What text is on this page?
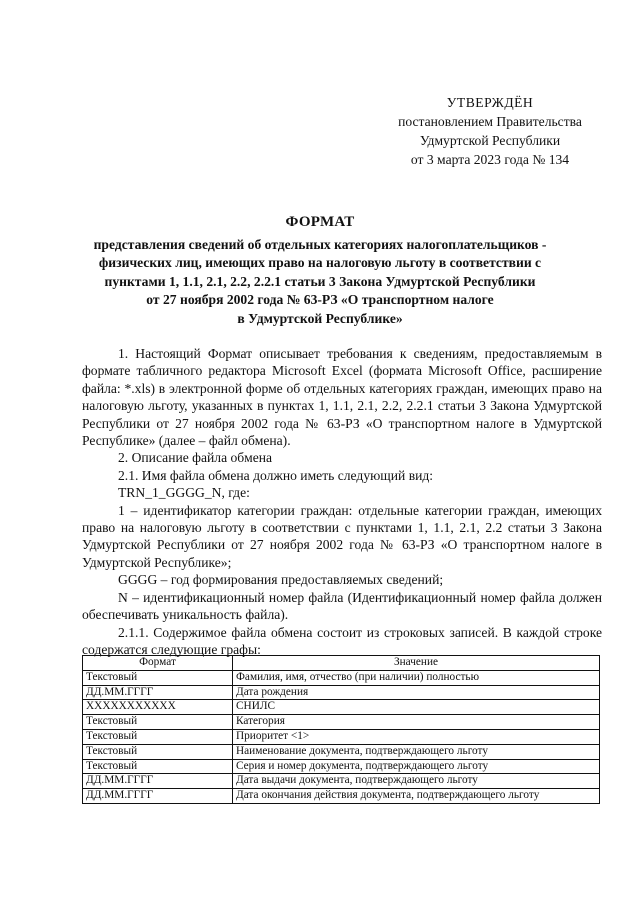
УТВЕРЖДЁН
постановлением Правительства
Удмуртской Республики
от 3 марта 2023 года № 134
ФОРМАТ
представления сведений об отдельных категориях налогоплательщиков -
физических лиц, имеющих право на налоговую льготу в соответствии с
пунктами 1, 1.1, 2.1, 2.2, 2.2.1 статьи 3 Закона Удмуртской Республики
от 27 ноября 2002 года № 63-РЗ «О транспортном налоге
в Удмуртской Республике»

1. Настоящий Формат описывает требования к сведениям, предоставляемым в формате табличного редактора Microsoft Excel (формата Microsoft Office, расширение файла: *.xls) в электронной форме об отдельных категориях граждан, имеющих право на налоговую льготу, указанных в пунктах 1, 1.1, 2.1, 2.2, 2.2.1 статьи 3 Закона Удмуртской Республики от 27 ноября 2002 года № 63-РЗ «О транспортном налоге в Удмуртской Республике» (далее – файл обмена).

2. Описание файла обмена

2.1. Имя файла обмена должно иметь следующий вид:

TRN_1_GGGG_N, где:

1 – идентификатор категории граждан: отдельные категории граждан, имеющих право на налоговую льготу в соответствии с пунктами 1, 1.1, 2.1, 2.2 статьи 3 Закона Удмуртской Республики от 27 ноября 2002 года № 63-РЗ «О транспортном налоге в Удмуртской Республике»;

GGGG – год формирования предоставляемых сведений;

N – идентификационный номер файла (Идентификационный номер файла должен обеспечивать уникальность файла).

2.1.1. Содержимое файла обмена состоит из строковых записей. В каждой строке содержатся следующие графы:

Формат	Значение
Текстовый	Фамилия, имя, отчество (при наличии) полностью
ДД.ММ.ГГГГ	Дата рождения
XXXXXXXXXXX	СНИЛС
Текстовый	Категория
Текстовый	Приоритет <1>
Текстовый	Наименование документа, подтверждающего льготу
Текстовый	Серия и номер документа, подтверждающего льготу
ДД.ММ.ГГГГ	Дата выдачи документа, подтверждающего льготу
ДД.ММ.ГГГГ	Дата окончания действия документа, подтверждающего льготу
